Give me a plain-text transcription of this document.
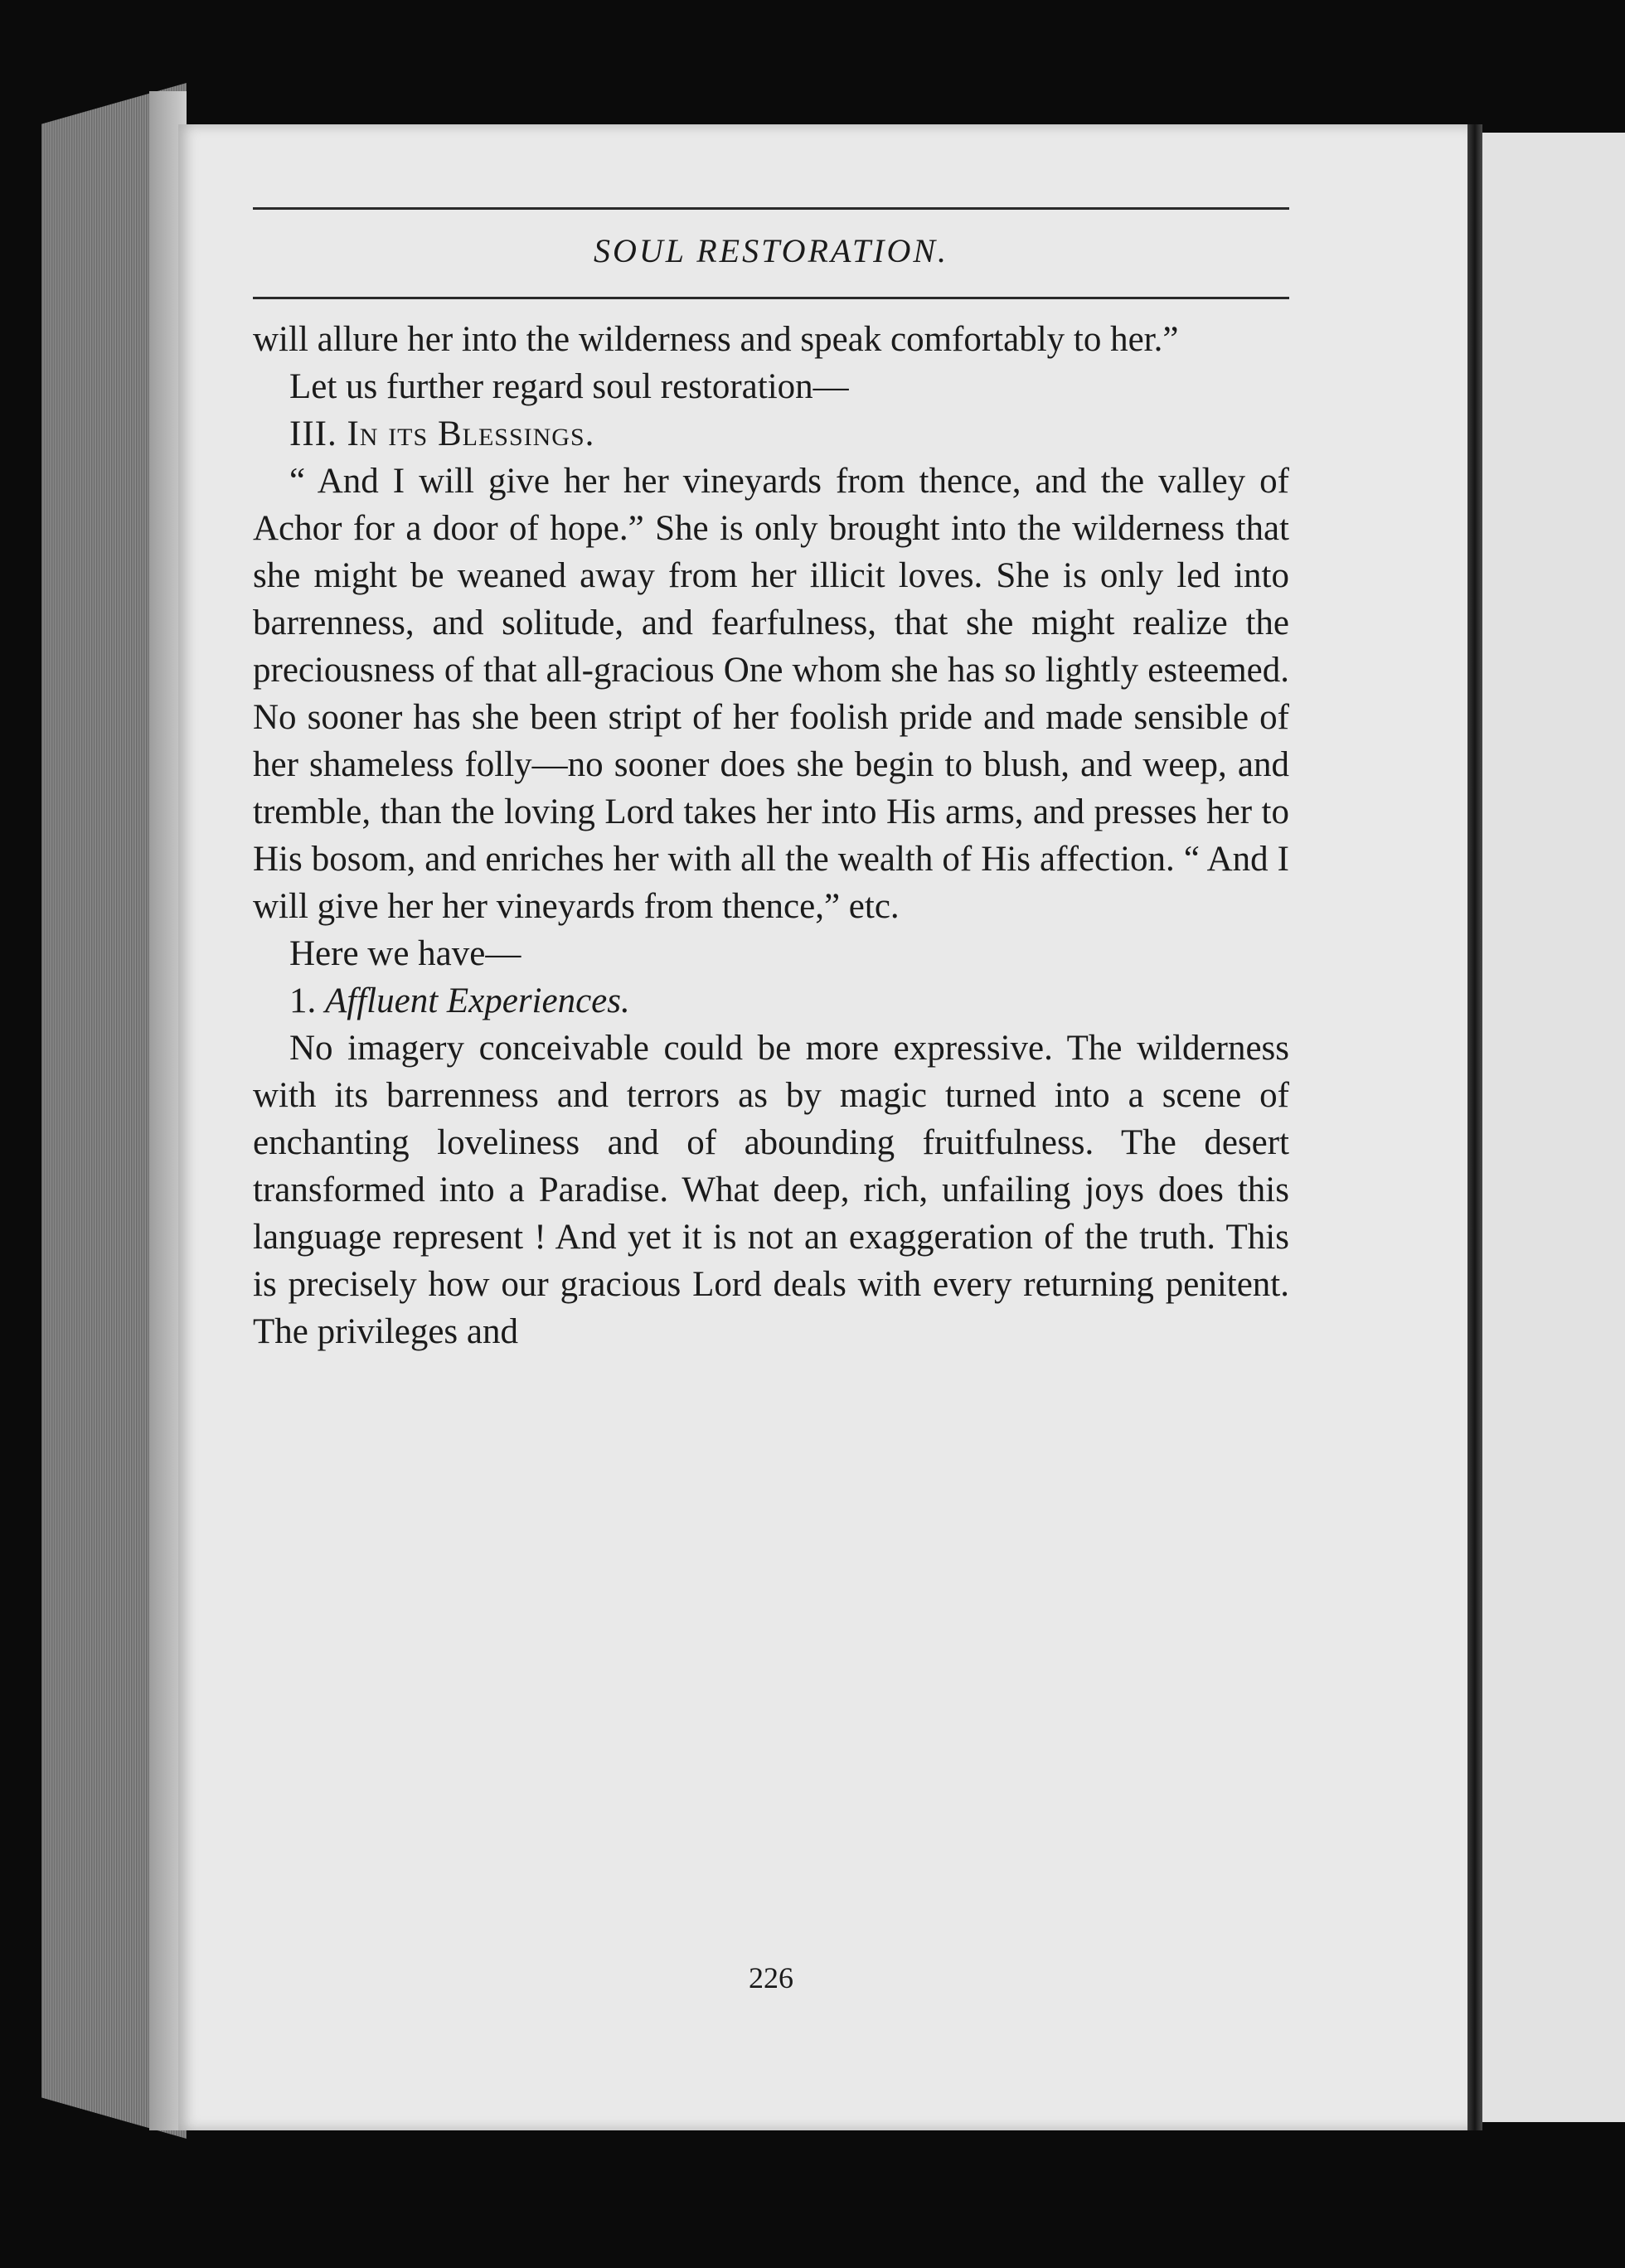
SOUL RESTORATION.

will allure her into the wilderness and speak comfortably to her.”

Let us further regard soul restoration—

III. In its Blessings.

“ And I will give her her vineyards from thence, and the valley of Achor for a door of hope.” She is only brought into the wilderness that she might be weaned away from her illicit loves. She is only led into barrenness, and solitude, and fearfulness, that she might realize the preciousness of that all-gracious One whom she has so lightly esteemed. No sooner has she been stript of her foolish pride and made sensible of her shameless folly—no sooner does she begin to blush, and weep, and tremble, than the loving Lord takes her into His arms, and presses her to His bosom, and enriches her with all the wealth of His affection. “ And I will give her her vineyards from thence,” etc.

Here we have—

1. Affluent Experiences.

No imagery conceivable could be more expressive. The wilderness with its barrenness and terrors as by magic turned into a scene of enchanting loveliness and of abounding fruitfulness. The desert transformed into a Paradise. What deep, rich, unfailing joys does this language represent ! And yet it is not an exaggeration of the truth. This is precisely how our gracious Lord deals with every returning penitent. The privileges and

226
